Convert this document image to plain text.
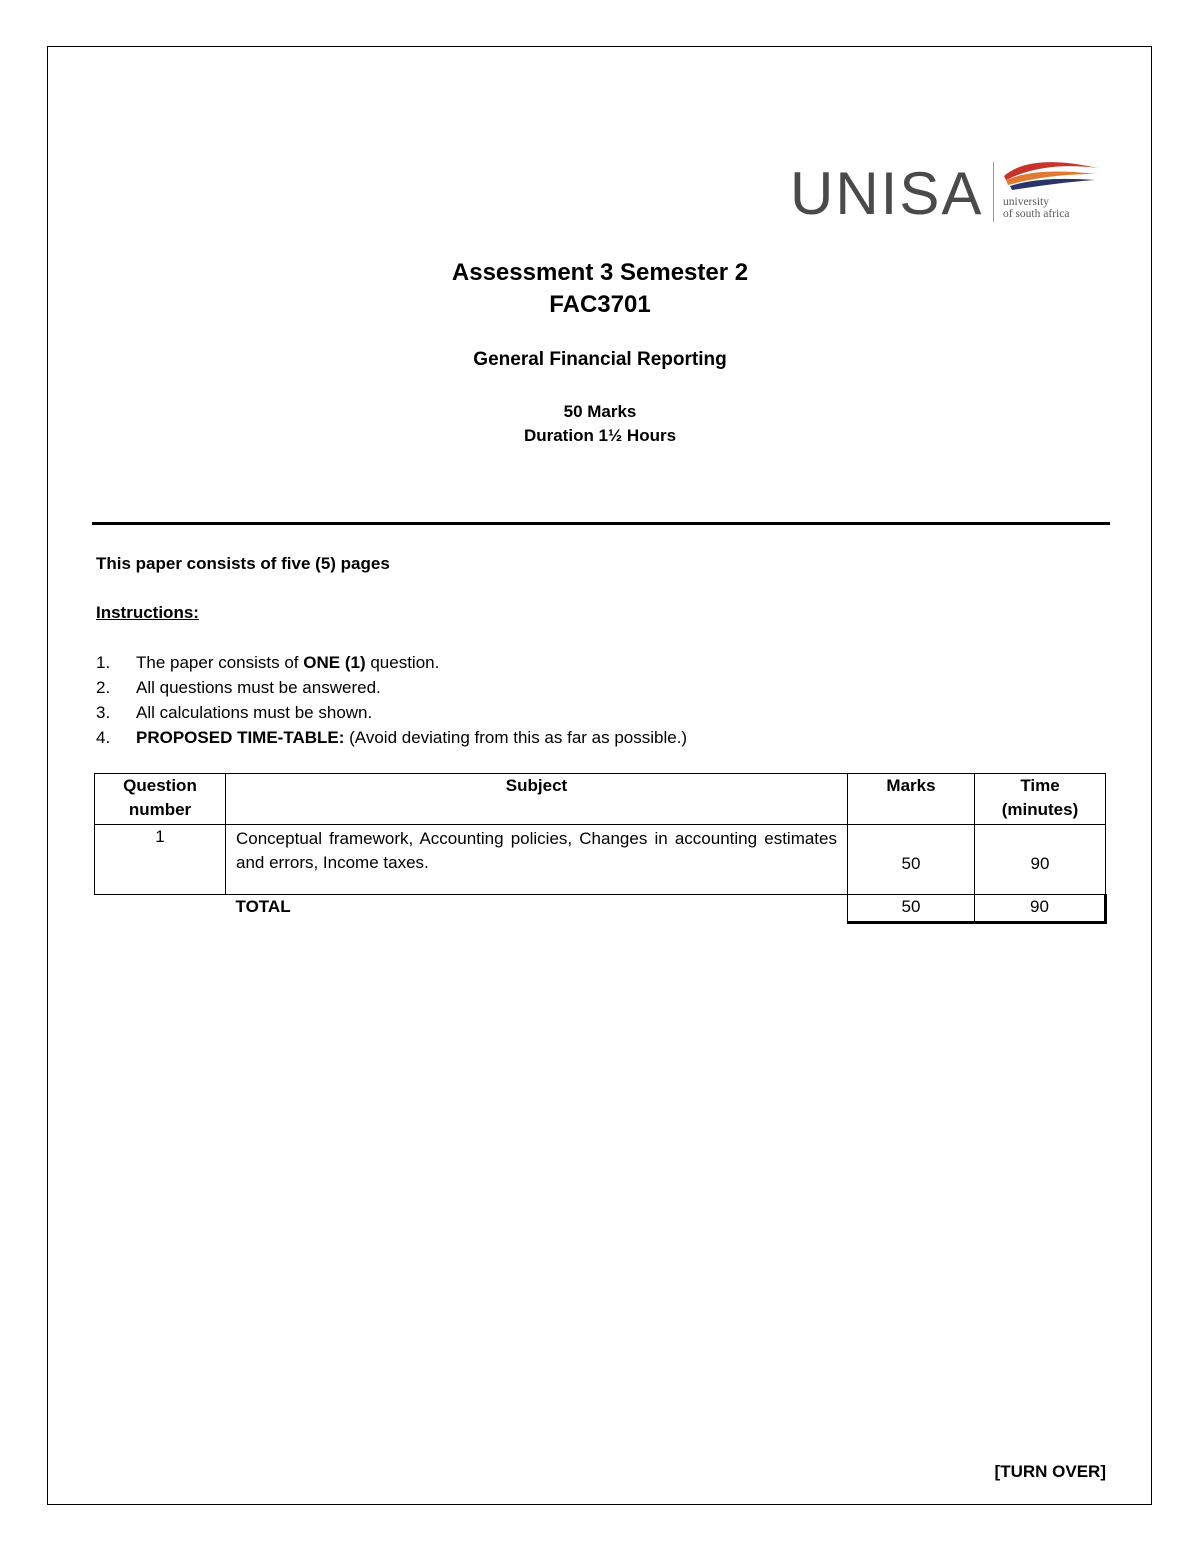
UNISA university
of south africa
Assessment 3 Semester 2
FAC3701
General Financial Reporting
50 Marks
Duration 1½ Hours
This paper consists of five (5) pages
Instructions:
1.	The paper consists of ONE (1) question.
2.	All questions must be answered.
3.	All calculations must be shown.
4.	PROPOSED TIME-TABLE: (Avoid deviating from this as far as possible.)
Question number	Subject	Marks	Time (minutes)
1	Conceptual framework, Accounting policies, Changes in accounting estimates and errors, Income taxes.	50	90
	TOTAL	50	90
[TURN OVER]
